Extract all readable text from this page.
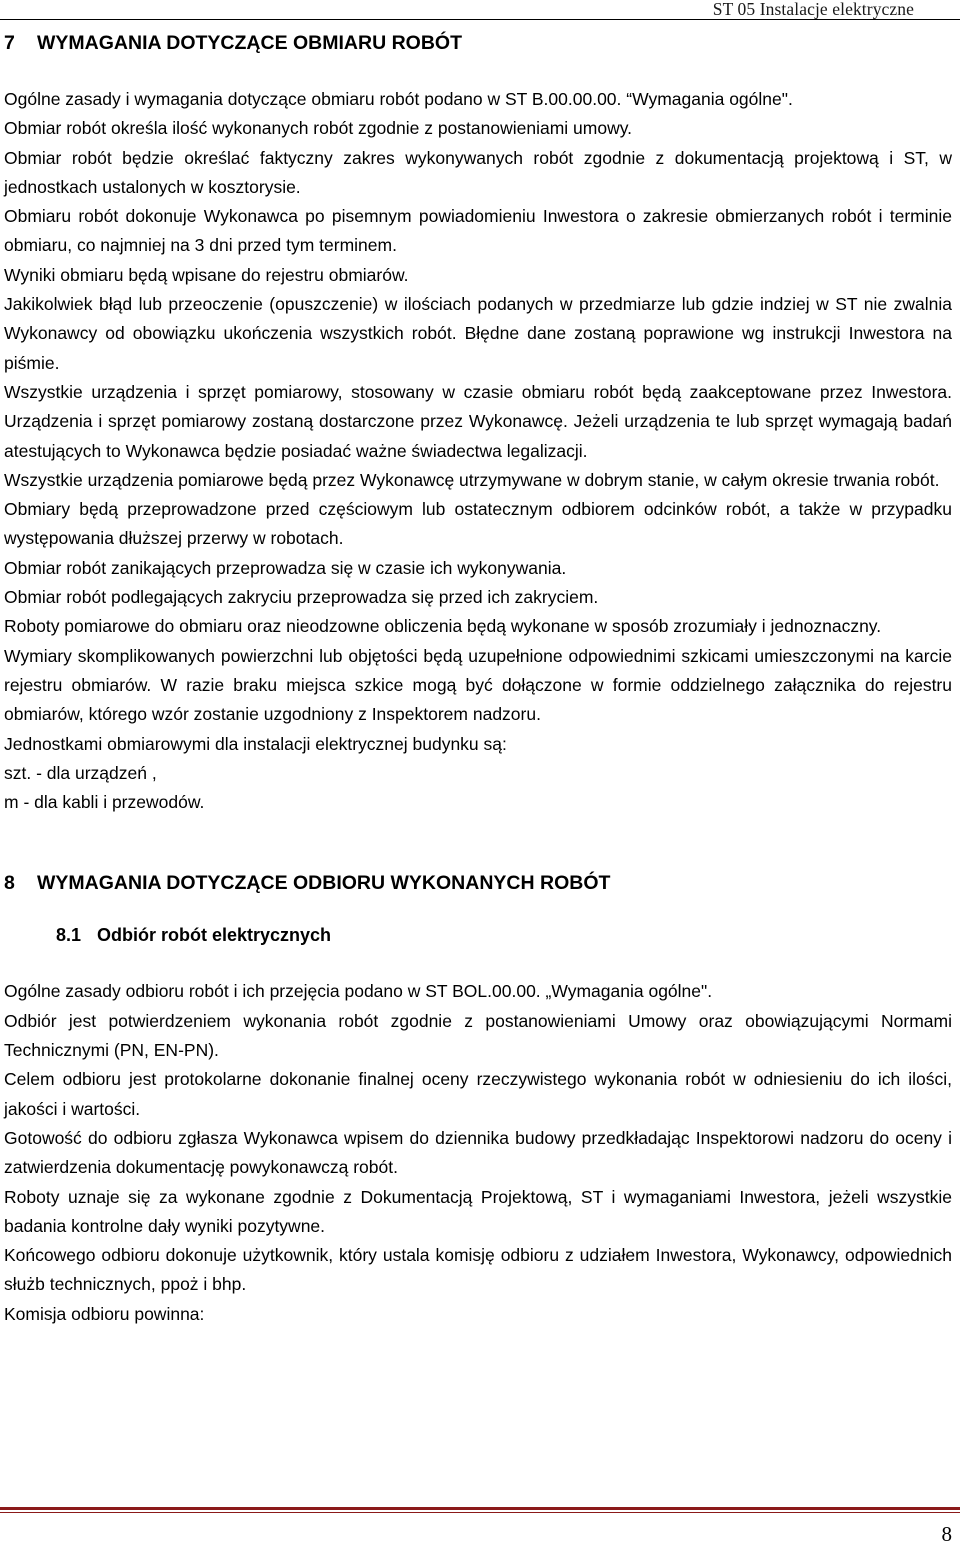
ST 05 Instalacje elektryczne
7 WYMAGANIA DOTYCZĄCE OBMIARU ROBÓT

Ogólne zasady i wymagania dotyczące obmiaru robót podano w ST B.00.00.00. “Wymagania ogólne".

Obmiar robót określa ilość wykonanych robót zgodnie z postanowieniami umowy.

Obmiar robót będzie określać faktyczny zakres wykonywanych robót zgodnie z dokumentacją projektową i ST, w jednostkach ustalonych w kosztorysie.

Obmiaru robót dokonuje Wykonawca po pisemnym powiadomieniu Inwestora o zakresie obmierzanych robót i terminie obmiaru, co najmniej na 3 dni przed tym terminem.

Wyniki obmiaru będą wpisane do rejestru obmiarów.

Jakikolwiek błąd lub przeoczenie (opuszczenie) w ilościach podanych w przedmiarze lub gdzie indziej w ST nie zwalnia Wykonawcy od obowiązku ukończenia wszystkich robót. Błędne dane zostaną poprawione wg instrukcji Inwestora na piśmie.

Wszystkie urządzenia i sprzęt pomiarowy, stosowany w czasie obmiaru robót będą zaakceptowane przez Inwestora. Urządzenia i sprzęt pomiarowy zostaną dostarczone przez Wykonawcę. Jeżeli urządzenia te lub sprzęt wymagają badań atestujących to Wykonawca będzie posiadać ważne świadectwa legalizacji.

Wszystkie urządzenia pomiarowe będą przez Wykonawcę utrzymywane w dobrym stanie, w całym okresie trwania robót.

Obmiary będą przeprowadzone przed częściowym lub ostatecznym odbiorem odcinków robót, a także w przypadku występowania dłuższej przerwy w robotach.

Obmiar robót zanikających przeprowadza się w czasie ich wykonywania.

Obmiar robót podlegających zakryciu przeprowadza się przed ich zakryciem.

Roboty pomiarowe do obmiaru oraz nieodzowne obliczenia będą wykonane w sposób zrozumiały i jednoznaczny.

Wymiary skomplikowanych powierzchni lub objętości będą uzupełnione odpowiednimi szkicami umieszczonymi na karcie rejestru obmiarów. W razie braku miejsca szkice mogą być dołączone w formie oddzielnego załącznika do rejestru obmiarów, którego wzór zostanie uzgodniony z Inspektorem nadzoru.

Jednostkami obmiarowymi dla instalacji elektrycznej budynku są:

szt. - dla urządzeń ,

m - dla kabli i przewodów.

8 WYMAGANIA DOTYCZĄCE ODBIORU WYKONANYCH ROBÓT
8.1 Odbiór robót elektrycznych

Ogólne zasady odbioru robót i ich przejęcia podano w ST BOL.00.00. „Wymagania ogólne".

Odbiór jest potwierdzeniem wykonania robót zgodnie z postanowieniami Umowy oraz obowiązującymi Normami Technicznymi (PN, EN-PN).

Celem odbioru jest protokolarne dokonanie finalnej oceny rzeczywistego wykonania robót w odniesieniu do ich ilości, jakości i wartości.

Gotowość do odbioru zgłasza Wykonawca wpisem do dziennika budowy przedkładając Inspektorowi nadzoru do oceny i zatwierdzenia dokumentację powykonawczą robót.

Roboty uznaje się za wykonane zgodnie z Dokumentacją Projektową, ST i wymaganiami Inwestora, jeżeli wszystkie badania kontrolne dały wyniki pozytywne.

Końcowego odbioru dokonuje użytkownik, który ustala komisję odbioru z udziałem Inwestora, Wykonawcy, odpowiednich służb technicznych, ppoż i bhp.

Komisja odbioru powinna:

8
